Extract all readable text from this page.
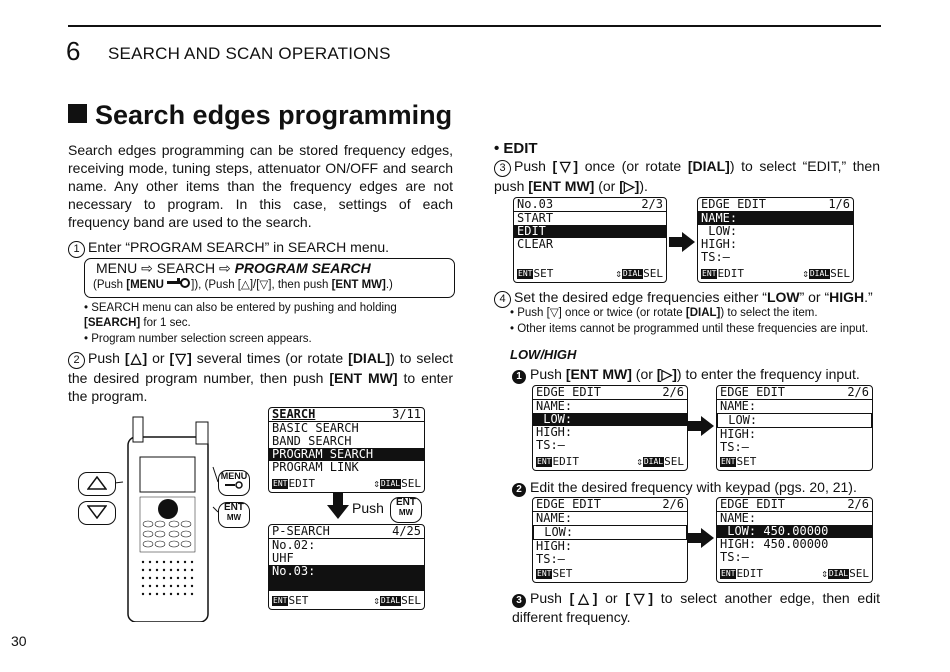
6 SEARCH AND SCAN OPERATIONS
Search edges programming
Search edges programming can be stored frequency edges, receiving mode, tuning steps, attenuator ON/OFF and search name. Any other items than the frequency edges are not necessary to program. In this case, settings of each frequency band are used to the search.
1 Enter “PROGRAM SEARCH” in SEARCH menu.
MENU ⇨ SEARCH ⇨ PROGRAM SEARCH
(Push [MENU ]), (Push [△]/[▽], then push [ENT MW].)
• SEARCH menu can also be entered by pushing and holding [SEARCH] for 1 sec.
• Program number selection screen appears.
2 Push [△] or [▽] several times (or rotate [DIAL]) to select the desired program number, then push [ENT MW] to enter the program.
MENU

ENT
MW
SEARCH	3/11
BASIC SEARCH
BAND SEARCH
PROGRAM SEARCH
PROGRAM LINK
ENTEDIT	⇕DIALSEL
Push	ENT
MW
P-SEARCH	4/25
No.02:
UHF
No.03:
ENTSET	⇕DIALSEL
30
• EDIT
3 Push [▽] once (or rotate [DIAL]) to select “EDIT,” then push [ENT MW] (or [▷]).
No.03	2/3
START
EDIT
CLEAR
ENTSET	⇕DIALSEL
EDGE EDIT	1/6
NAME:
LOW:
HIGH:
TS:–
ENTEDIT	⇕DIALSEL
4 Set the desired edge frequencies either “LOW” or “HIGH.”
• Push [▽] once or twice (or rotate [DIAL]) to select the item.
• Other items cannot be programmed until these frequencies are input.
LOW/HIGH
1 Push [ENT MW] (or [▷]) to enter the frequency input.
EDGE EDIT	2/6
NAME:
LOW:
HIGH:
TS:–
ENTEDIT	⇕DIALSEL
EDGE EDIT	2/6
NAME:
LOW:
HIGH:
TS:–
ENTSET
2 Edit the desired frequency with keypad (pgs. 20, 21).
EDGE EDIT	2/6
NAME:
LOW:
HIGH:
TS:–
ENTSET
EDGE EDIT	2/6
NAME:
LOW: 450.00000
HIGH: 450.00000
TS:–
ENTEDIT	⇕DIALSEL
3 Push [△] or [▽] to select another edge, then edit different frequency.
